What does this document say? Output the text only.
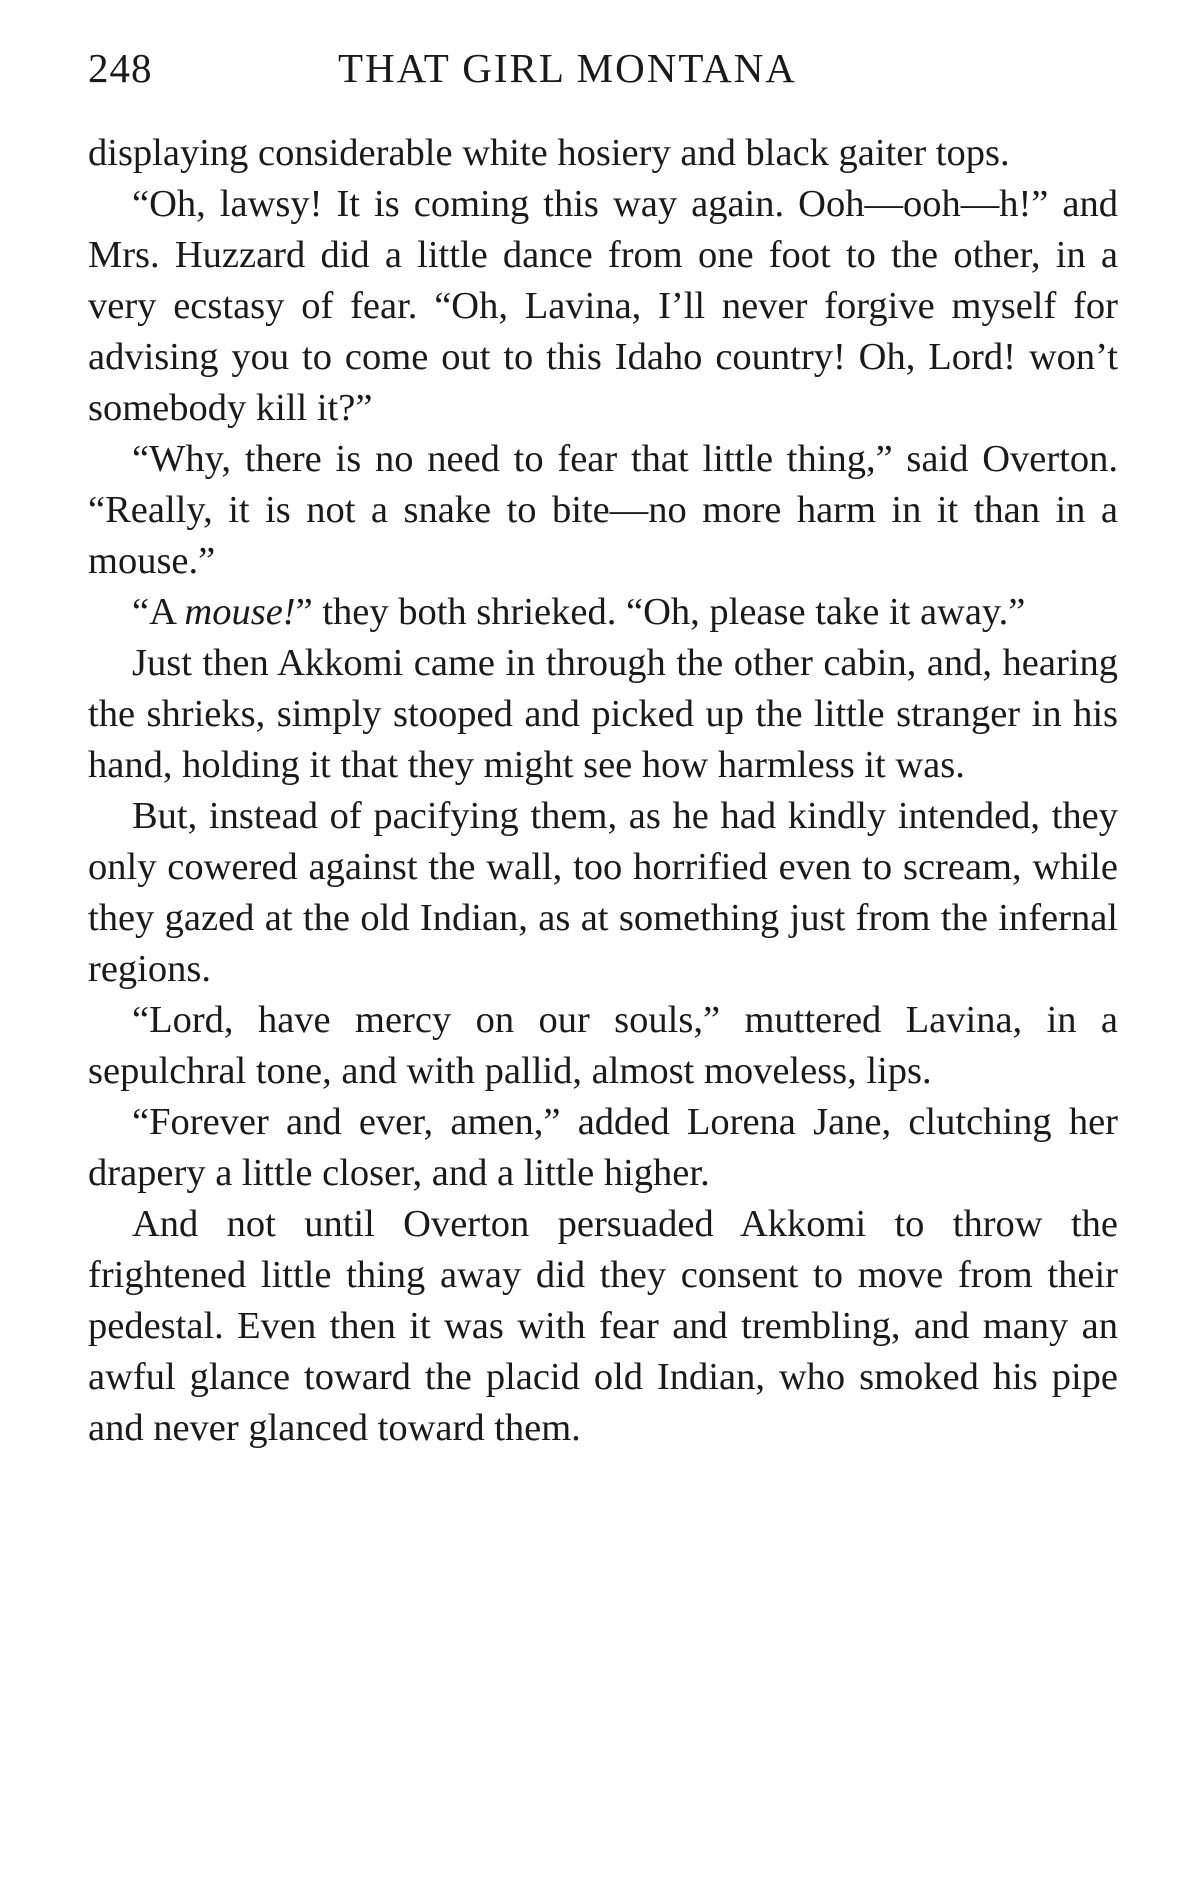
248	THAT GIRL MONTANA

displaying considerable white hosiery and black gaiter tops.

“Oh, lawsy! It is coming this way again. Ooh—ooh—h!” and Mrs. Huzzard did a little dance from one foot to the other, in a very ecstasy of fear. “Oh, Lavina, I’ll never forgive myself for advising you to come out to this Idaho country! Oh, Lord! won’t somebody kill it?”

“Why, there is no need to fear that little thing,” said Overton. “Really, it is not a snake to bite—no more harm in it than in a mouse.”

“A mouse!” they both shrieked. “Oh, please take it away.”

Just then Akkomi came in through the other cabin, and, hearing the shrieks, simply stooped and picked up the little stranger in his hand, holding it that they might see how harmless it was.

But, instead of pacifying them, as he had kindly intended, they only cowered against the wall, too horrified even to scream, while they gazed at the old Indian, as at something just from the infernal regions.

“Lord, have mercy on our souls,” muttered Lavina, in a sepulchral tone, and with pallid, almost moveless, lips.

“Forever and ever, amen,” added Lorena Jane, clutching her drapery a little closer, and a little higher.

And not until Overton persuaded Akkomi to throw the frightened little thing away did they consent to move from their pedestal. Even then it was with fear and trembling, and many an awful glance toward the placid old Indian, who smoked his pipe and never glanced toward them.
